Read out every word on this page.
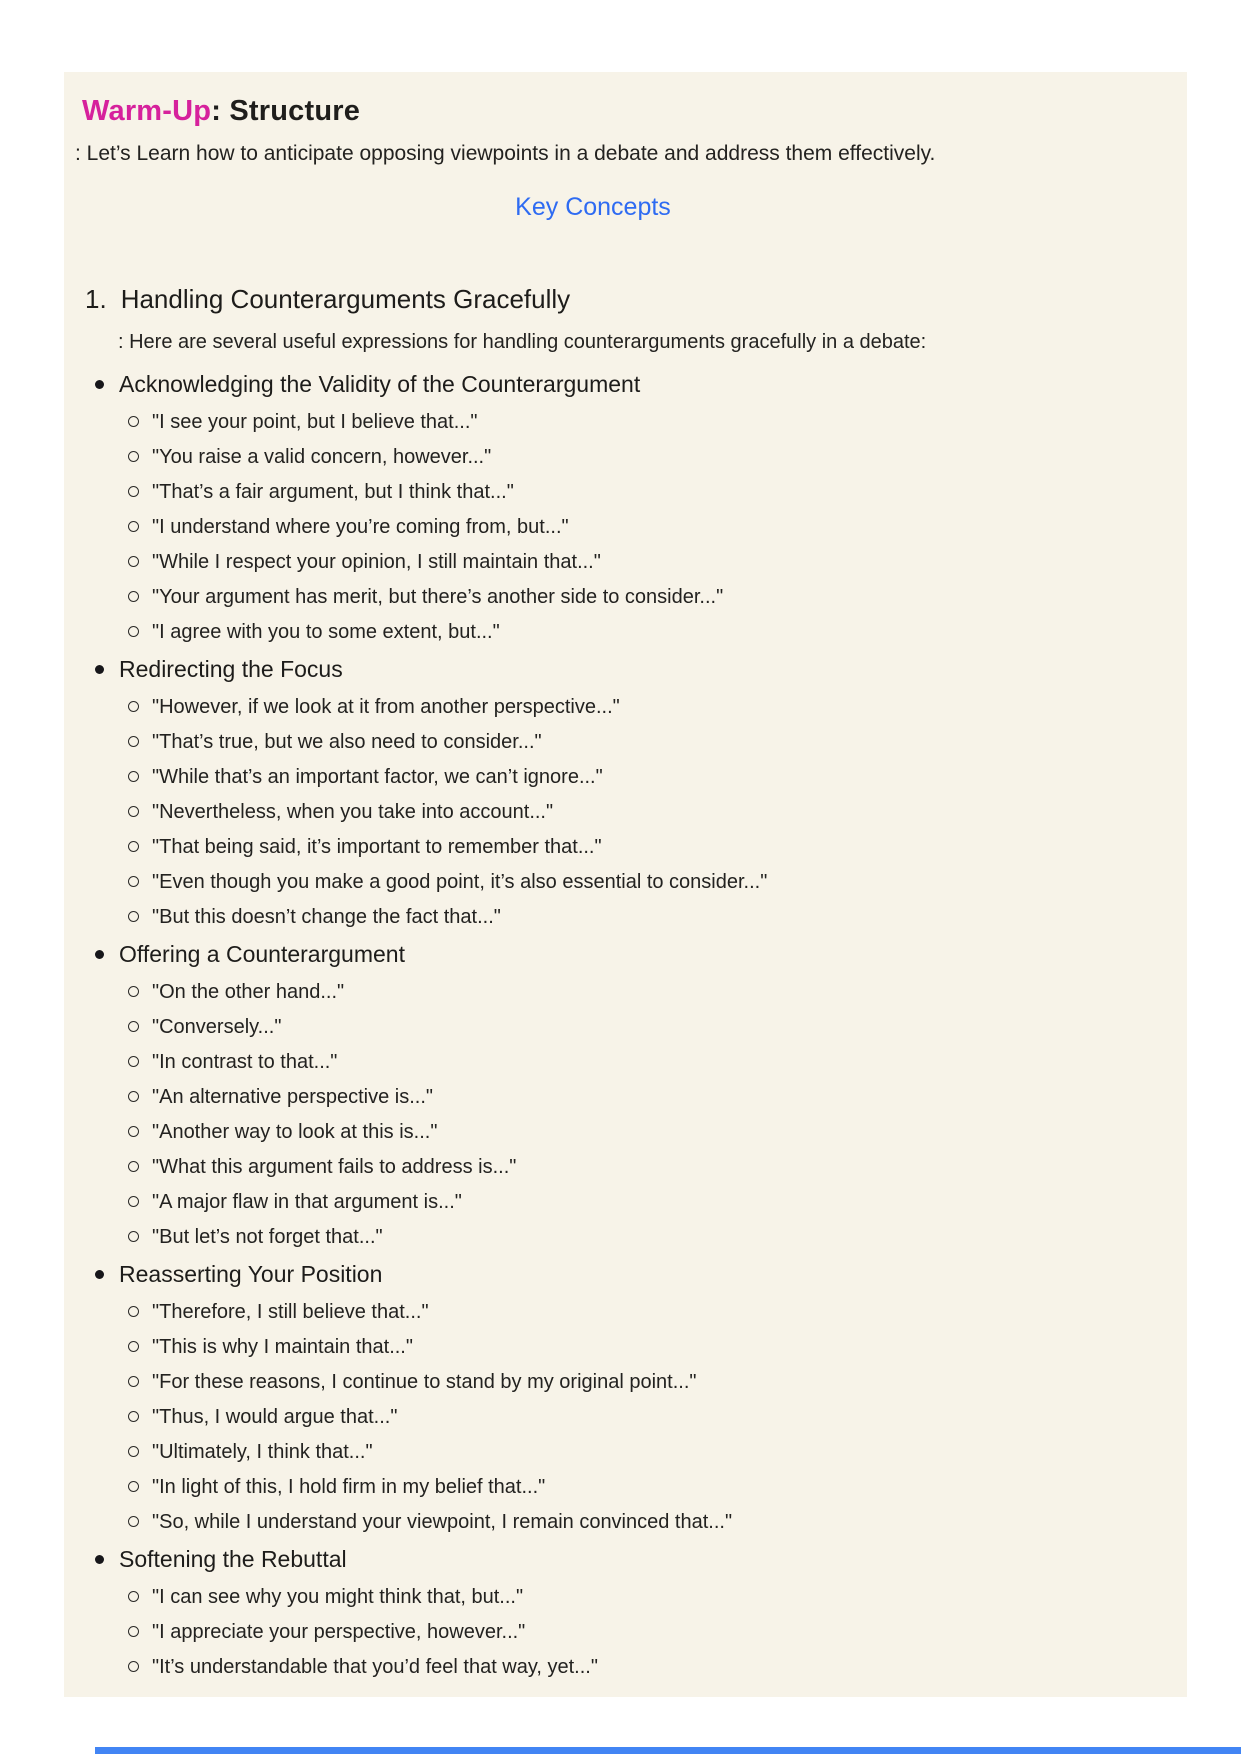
Warm-Up: Structure

: Let’s Learn how to anticipate opposing viewpoints in a debate and address them effectively.

Key Concepts
1. Handling Counterarguments Gracefully

: Here are several useful expressions for handling counterarguments gracefully in a debate:

Acknowledging the Validity of the Counterargument
"I see your point, but I believe that..."
"You raise a valid concern, however..."
"That’s a fair argument, but I think that..."
"I understand where you’re coming from, but..."
"While I respect your opinion, I still maintain that..."
"Your argument has merit, but there’s another side to consider..."
"I agree with you to some extent, but..."
Redirecting the Focus
"However, if we look at it from another perspective..."
"That’s true, but we also need to consider..."
"While that’s an important factor, we can’t ignore..."
"Nevertheless, when you take into account..."
"That being said, it’s important to remember that..."
"Even though you make a good point, it’s also essential to consider..."
"But this doesn’t change the fact that..."
Offering a Counterargument
"On the other hand..."
"Conversely..."
"In contrast to that..."
"An alternative perspective is..."
"Another way to look at this is..."
"What this argument fails to address is..."
"A major flaw in that argument is..."
"But let’s not forget that..."
Reasserting Your Position
"Therefore, I still believe that..."
"This is why I maintain that..."
"For these reasons, I continue to stand by my original point..."
"Thus, I would argue that..."
"Ultimately, I think that..."
"In light of this, I hold firm in my belief that..."
"So, while I understand your viewpoint, I remain convinced that..."
Softening the Rebuttal
"I can see why you might think that, but..."
"I appreciate your perspective, however..."
"It’s understandable that you’d feel that way, yet..."
